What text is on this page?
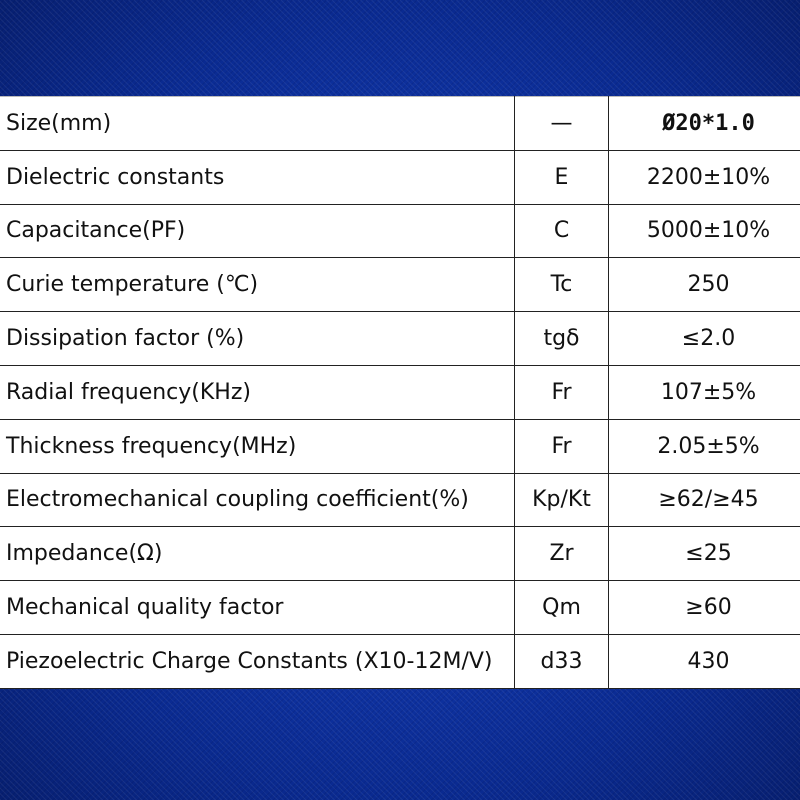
Size(mm)	—	Ø20*1.0
Dielectric constants	E	2200±10%
Capacitance(PF)	C	5000±10%
Curie temperature (℃)	Tc	250
Dissipation factor (%)	tgδ	≤2.0
Radial frequency(KHz)	Fr	107±5%
Thickness frequency(MHz)	Fr	2.05±5%
Electromechanical coupling coefficient(%)	Kp/Kt	≥62/≥45
Impedance(Ω)	Zr	≤25
Mechanical quality factor	Qm	≥60
Piezoelectric Charge Constants (X10-12M/V)	d33	430
